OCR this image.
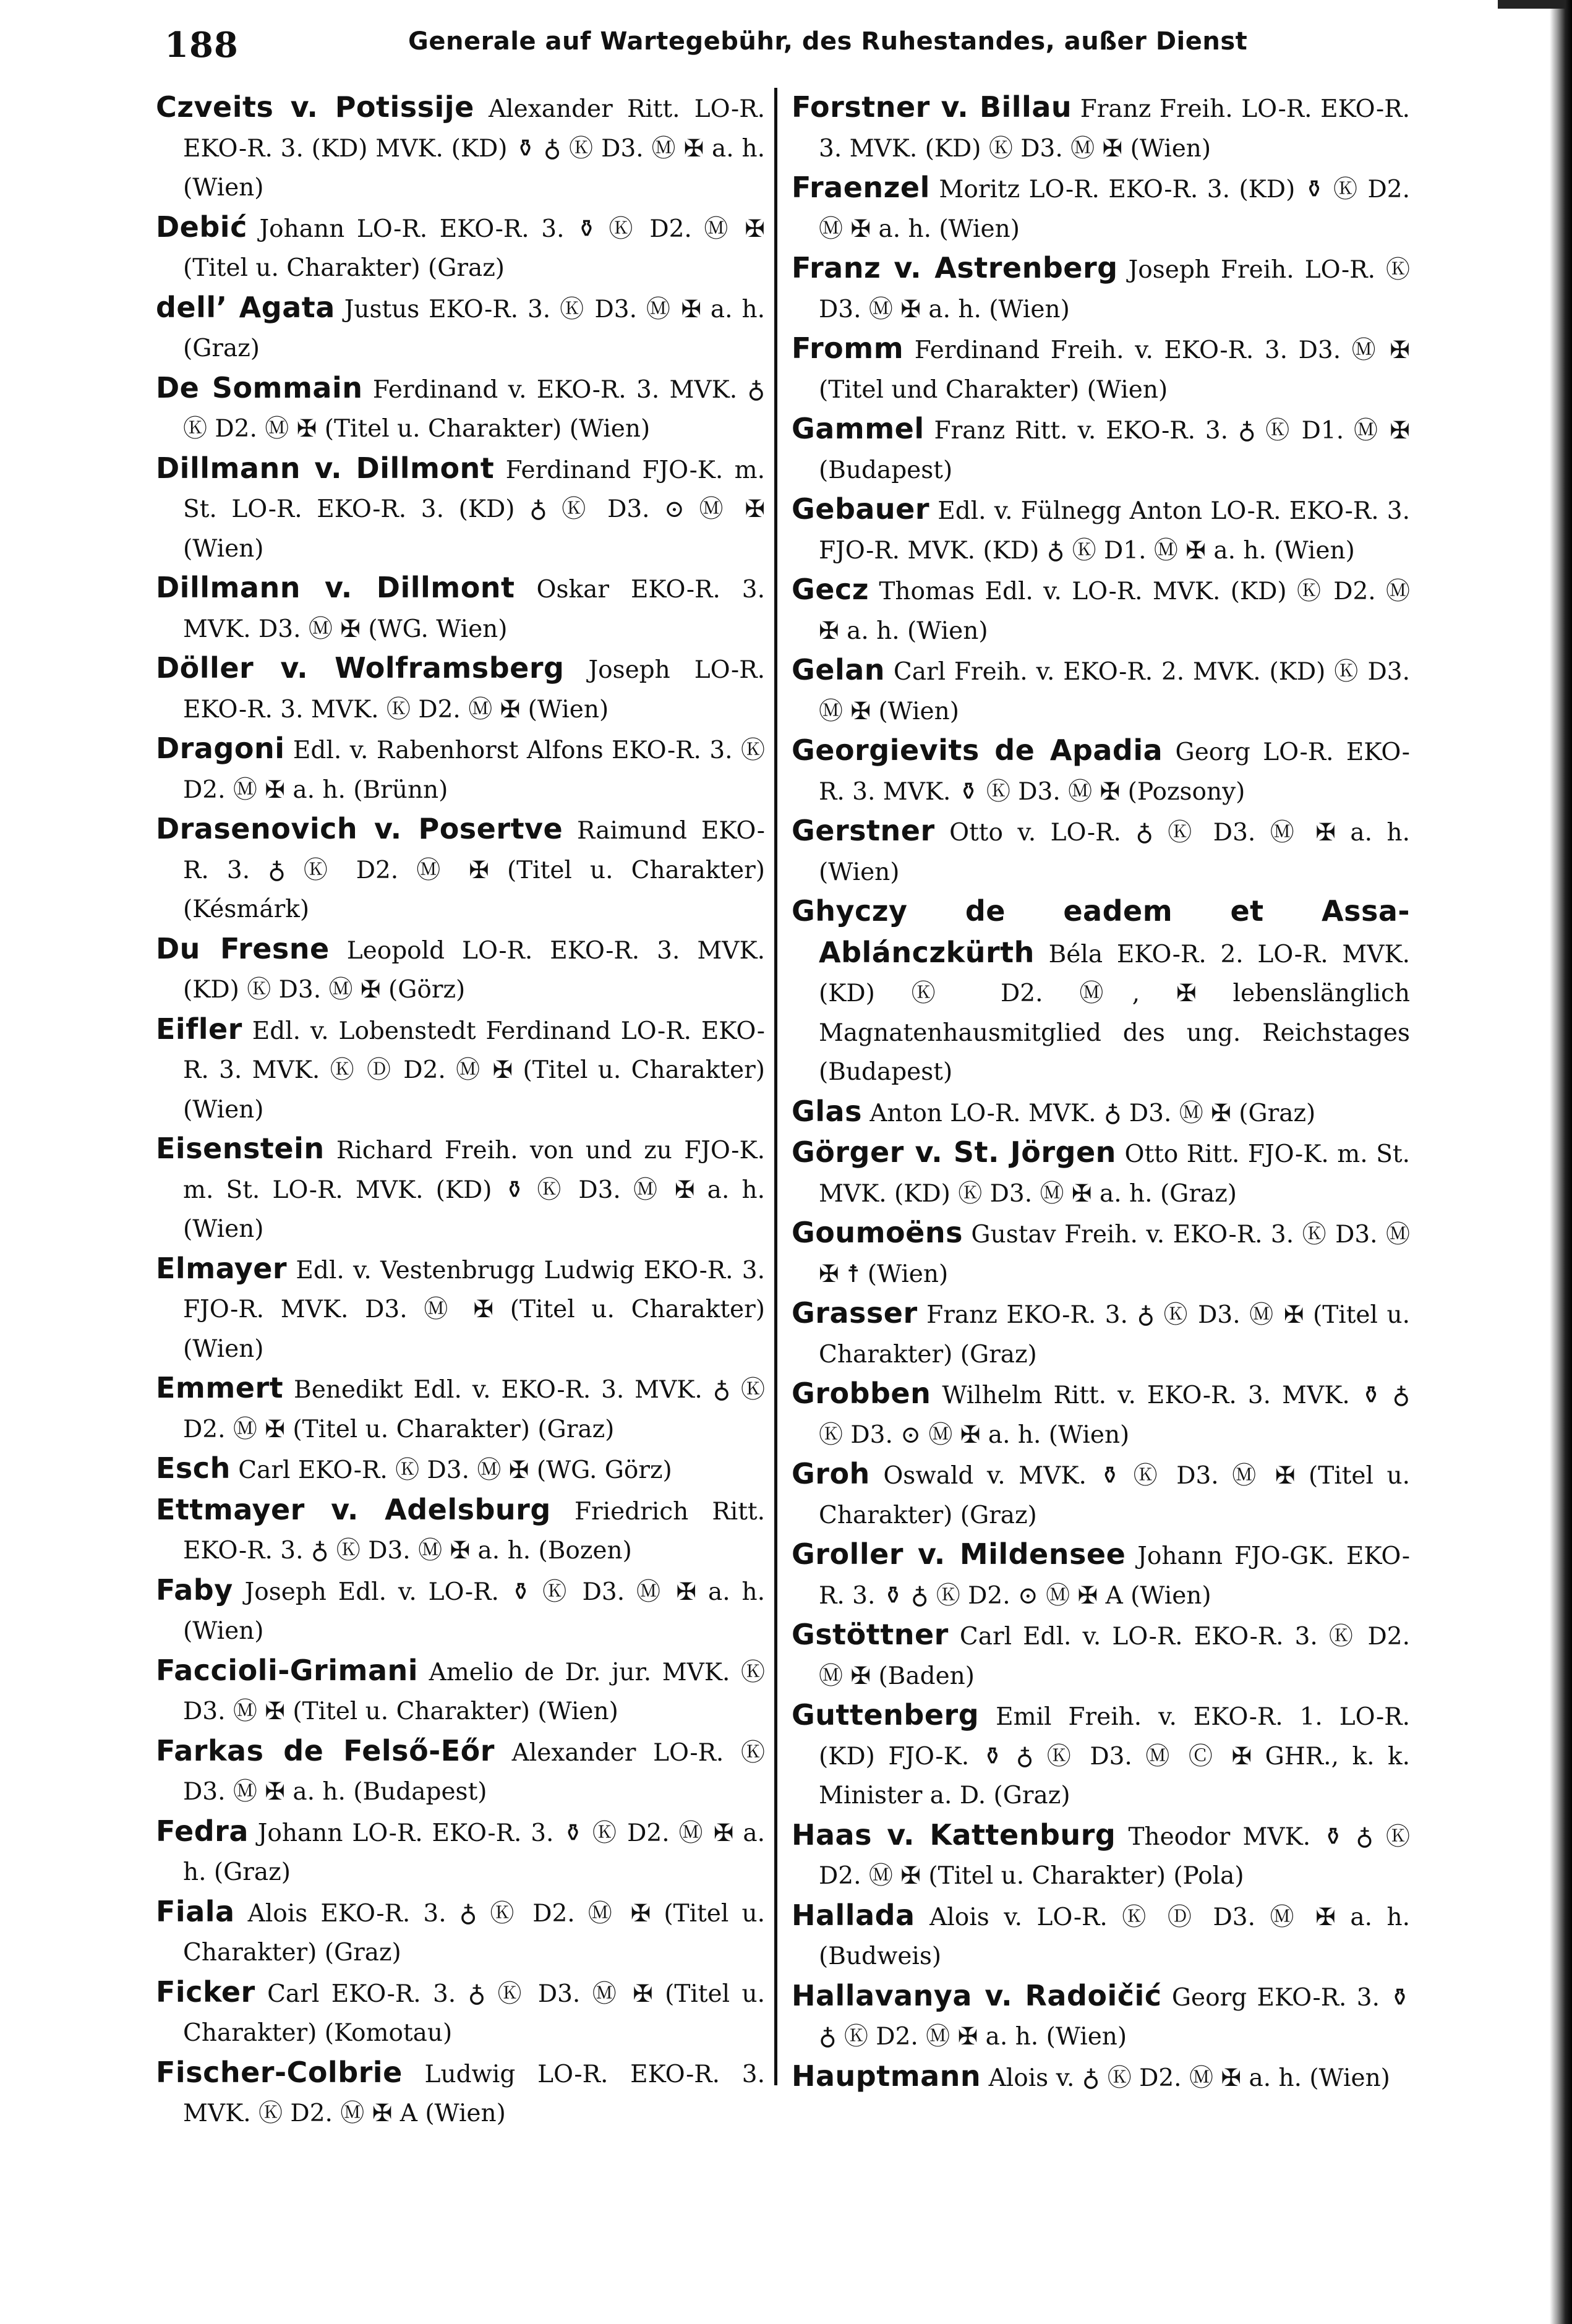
188	Generale auf Wartegebühr, des Ruhestandes, außer Dienst
Czveits v. Potissije Alexander Ritt. LO-R. EKO-R. 3. (KD) MVK. (KD) ⚱ ♁ Ⓚ D3. Ⓜ ✠ a. h. (Wien)
Debić Johann LO-R. EKO-R. 3. ⚱ Ⓚ D2. Ⓜ ✠ (Titel u. Charakter) (Graz)
dell’ Agata Justus EKO-R. 3. Ⓚ D3. Ⓜ ✠ a. h. (Graz)
De Sommain Ferdinand v. EKO-R. 3. MVK. ♁ Ⓚ D2. Ⓜ ✠ (Titel u. Charakter) (Wien)
Dillmann v. Dillmont Ferdinand FJO-K. m. St. LO-R. EKO-R. 3. (KD) ♁ Ⓚ D3. ⊙ Ⓜ ✠ (Wien)
Dillmann v. Dillmont Oskar EKO-R. 3. MVK. D3. Ⓜ ✠ (WG. Wien)
Döller v. Wolframsberg Joseph LO-R. EKO-R. 3. MVK. Ⓚ D2. Ⓜ ✠ (Wien)
Dragoni Edl. v. Rabenhorst Alfons EKO-R. 3. Ⓚ D2. Ⓜ ✠ a. h. (Brünn)
Drasenovich v. Posertve Raimund EKO-R. 3. ♁ Ⓚ D2. Ⓜ ✠ (Titel u. Charakter) (Késmárk)
Du Fresne Leopold LO-R. EKO-R. 3. MVK. (KD) Ⓚ D3. Ⓜ ✠ (Görz)
Eifler Edl. v. Lobenstedt Ferdinand LO-R. EKO-R. 3. MVK. Ⓚ Ⓓ D2. Ⓜ ✠ (Titel u. Charakter) (Wien)
Eisenstein Richard Freih. von und zu FJO-K. m. St. LO-R. MVK. (KD) ⚱ Ⓚ D3. Ⓜ ✠ a. h. (Wien)
Elmayer Edl. v. Vestenbrugg Ludwig EKO-R. 3. FJO-R. MVK. D3. Ⓜ ✠ (Titel u. Charakter) (Wien)
Emmert Benedikt Edl. v. EKO-R. 3. MVK. ♁ Ⓚ D2. Ⓜ ✠ (Titel u. Charakter) (Graz)
Esch Carl EKO-R. Ⓚ D3. Ⓜ ✠ (WG. Görz)
Ettmayer v. Adelsburg Friedrich Ritt. EKO-R. 3. ♁ Ⓚ D3. Ⓜ ✠ a. h. (Bozen)
Faby Joseph Edl. v. LO-R. ⚱ Ⓚ D3. Ⓜ ✠ a. h. (Wien)
Faccioli-Grimani Amelio de Dr. jur. MVK. Ⓚ D3. Ⓜ ✠ (Titel u. Charakter) (Wien)
Farkas de Felső-Eőr Alexander LO-R. Ⓚ D3. Ⓜ ✠ a. h. (Budapest)
Fedra Johann LO-R. EKO-R. 3. ⚱ Ⓚ D2. Ⓜ ✠ a. h. (Graz)
Fiala Alois EKO-R. 3. ♁ Ⓚ D2. Ⓜ ✠ (Titel u. Charakter) (Graz)
Ficker Carl EKO-R. 3. ♁ Ⓚ D3. Ⓜ ✠ (Titel u. Charakter) (Komotau)
Fischer-Colbrie Ludwig LO-R. EKO-R. 3. MVK. Ⓚ D2. Ⓜ ✠ A (Wien)
Forstner v. Billau Franz Freih. LO-R. EKO-R. 3. MVK. (KD) Ⓚ D3. Ⓜ ✠ (Wien)
Fraenzel Moritz LO-R. EKO-R. 3. (KD) ⚱ Ⓚ D2. Ⓜ ✠ a. h. (Wien)
Franz v. Astrenberg Joseph Freih. LO-R. Ⓚ D3. Ⓜ ✠ a. h. (Wien)
Fromm Ferdinand Freih. v. EKO-R. 3. D3. Ⓜ ✠ (Titel und Charakter) (Wien)
Gammel Franz Ritt. v. EKO-R. 3. ♁ Ⓚ D1. Ⓜ ✠ (Budapest)
Gebauer Edl. v. Fülnegg Anton LO-R. EKO-R. 3. FJO-R. MVK. (KD) ♁ Ⓚ D1. Ⓜ ✠ a. h. (Wien)
Gecz Thomas Edl. v. LO-R. MVK. (KD) Ⓚ D2. Ⓜ ✠ a. h. (Wien)
Gelan Carl Freih. v. EKO-R. 2. MVK. (KD) Ⓚ D3. Ⓜ ✠ (Wien)
Georgievits de Apadia Georg LO-R. EKO-R. 3. MVK. ⚱ Ⓚ D3. Ⓜ ✠ (Pozsony)
Gerstner Otto v. LO-R. ♁ Ⓚ D3. Ⓜ ✠ a. h. (Wien)
Ghyczy de eadem et Assa-Ablánczkürth Béla EKO-R. 2. LO-R. MVK. (KD) Ⓚ D2. Ⓜ, ✠ lebenslänglich Magnatenhausmitglied des ung. Reichstages (Budapest)
Glas Anton LO-R. MVK. ♁ D3. Ⓜ ✠ (Graz)
Görger v. St. Jörgen Otto Ritt. FJO-K. m. St. MVK. (KD) Ⓚ D3. Ⓜ ✠ a. h. (Graz)
Goumoëns Gustav Freih. v. EKO-R. 3. Ⓚ D3. Ⓜ ✠ ☨ (Wien)
Grasser Franz EKO-R. 3. ♁ Ⓚ D3. Ⓜ ✠ (Titel u. Charakter) (Graz)
Grobben Wilhelm Ritt. v. EKO-R. 3. MVK. ⚱ ♁ Ⓚ D3. ⊙ Ⓜ ✠ a. h. (Wien)
Groh Oswald v. MVK. ⚱ Ⓚ D3. Ⓜ ✠ (Titel u. Charakter) (Graz)
Groller v. Mildensee Johann FJO-GK. EKO-R. 3. ⚱ ♁ Ⓚ D2. ⊙ Ⓜ ✠ A (Wien)
Gstöttner Carl Edl. v. LO-R. EKO-R. 3. Ⓚ D2. Ⓜ ✠ (Baden)
Guttenberg Emil Freih. v. EKO-R. 1. LO-R. (KD) FJO-K. ⚱ ♁ Ⓚ D3. Ⓜ Ⓒ ✠ GHR., k. k. Minister a. D. (Graz)
Haas v. Kattenburg Theodor MVK. ⚱ ♁ Ⓚ D2. Ⓜ ✠ (Titel u. Charakter) (Pola)
Hallada Alois v. LO-R. Ⓚ Ⓓ D3. Ⓜ ✠ a. h. (Budweis)
Hallavanya v. Radoičić Georg EKO-R. 3. ⚱ ♁ Ⓚ D2. Ⓜ ✠ a. h. (Wien)
Hauptmann Alois v. ♁ Ⓚ D2. Ⓜ ✠ a. h. (Wien)
